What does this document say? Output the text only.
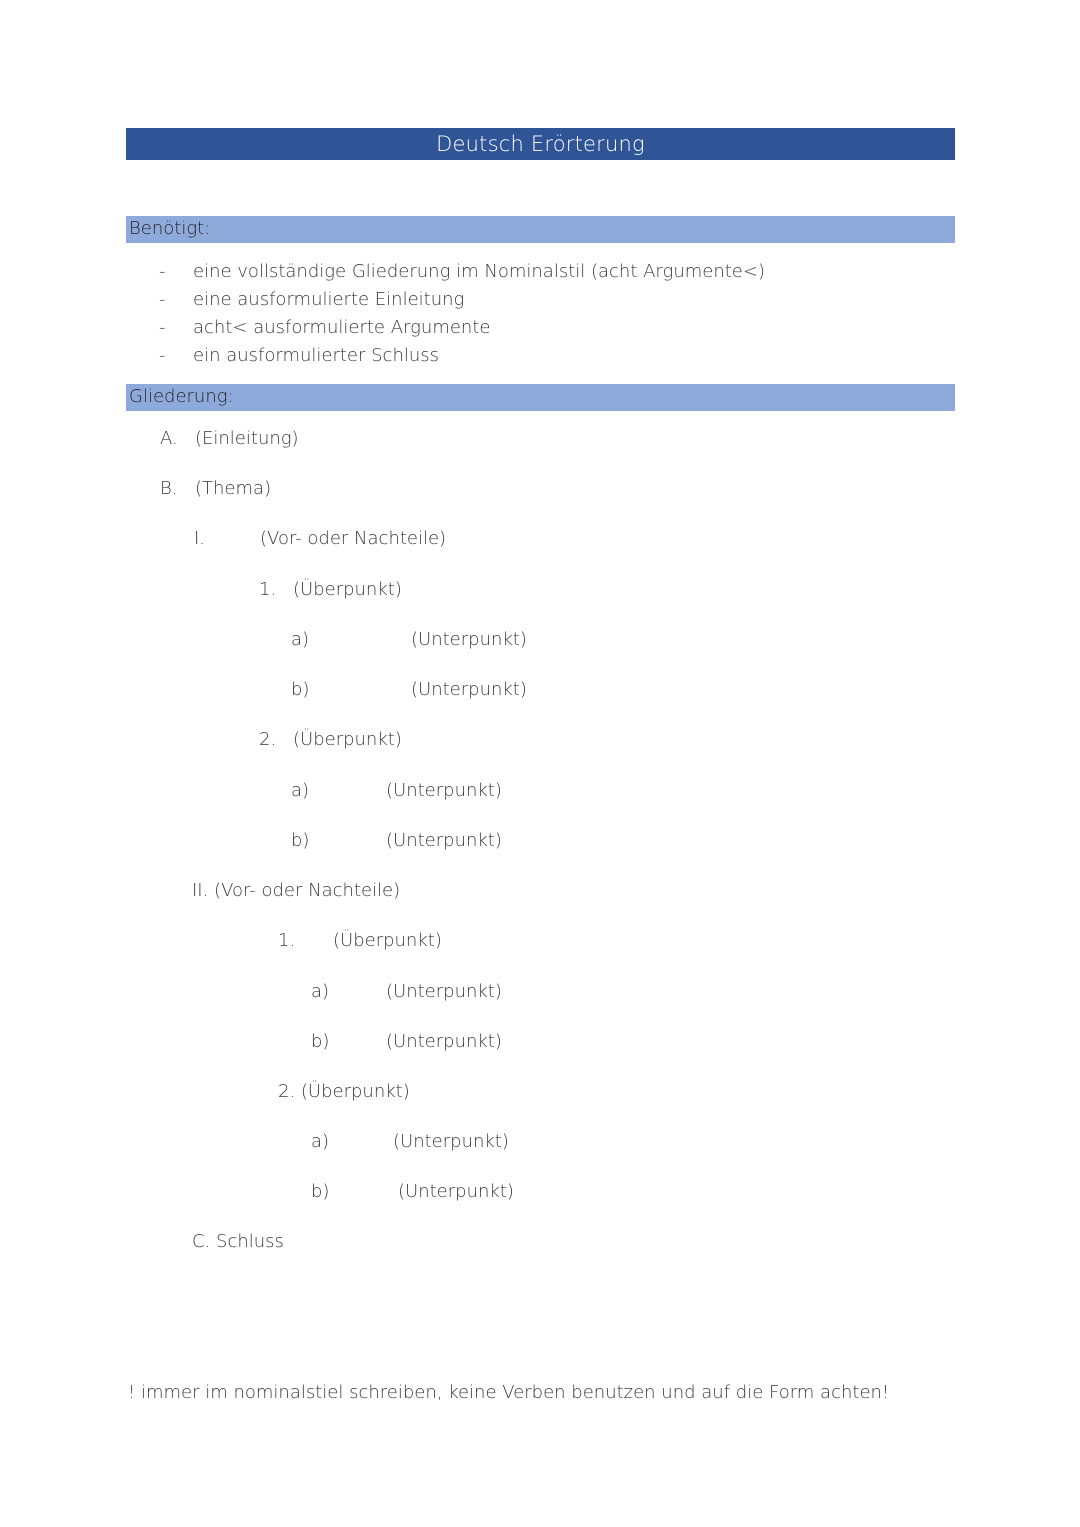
Deutsch Erörterung
Benötigt:
- eine vollständige Gliederung im Nominalstil (acht Argumente<)
- eine ausformulierte Einleitung
- acht< ausformulierte Argumente
- ein ausformulierter Schluss
Gliederung:
A. (Einleitung)
B. (Thema)
I.	(Vor- oder Nachteile)
1. (Überpunkt)
a)	(Unterpunkt)
b)	(Unterpunkt)
2. (Überpunkt)
a)	(Unterpunkt)
b)	(Unterpunkt)
II. (Vor- oder Nachteile)
1. (Überpunkt)
a)	(Unterpunkt)
b)	(Unterpunkt)
2. (Überpunkt)
a)	(Unterpunkt)
b)	(Unterpunkt)
C. Schluss
! immer im nominalstiel schreiben, keine Verben benutzen und auf die Form achten!
